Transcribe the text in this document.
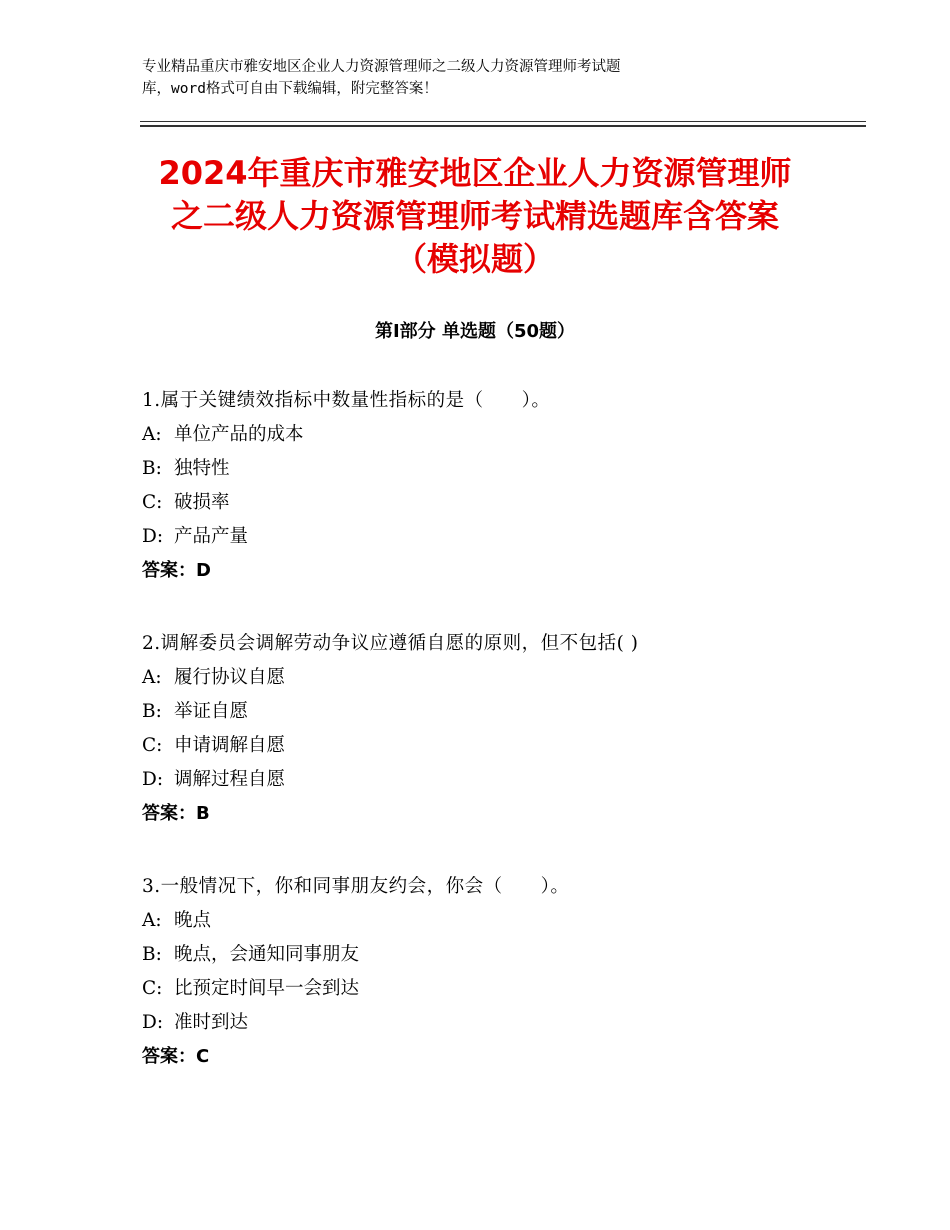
专业精品重庆市雅安地区企业人力资源管理师之二级人力资源管理师考试题
库，word格式可自由下载编辑，附完整答案！
2024年重庆市雅安地区企业人力资源管理师
之二级人力资源管理师考试精选题库含答案
（模拟题）
第Ⅰ部分 单选题（50题）
1.属于关键绩效指标中数量性指标的是（　　）。
A: 单位产品的成本
B: 独特性
C: 破损率
D: 产品产量
答案：D
2.调解委员会调解劳动争议应遵循自愿的原则，但不包括( )
A: 履行协议自愿
B: 举证自愿
C: 申请调解自愿
D: 调解过程自愿
答案：B
3.一般情况下，你和同事朋友约会，你会（　　）。
A: 晚点
B: 晚点，会通知同事朋友
C: 比预定时间早一会到达
D: 准时到达
答案：C
